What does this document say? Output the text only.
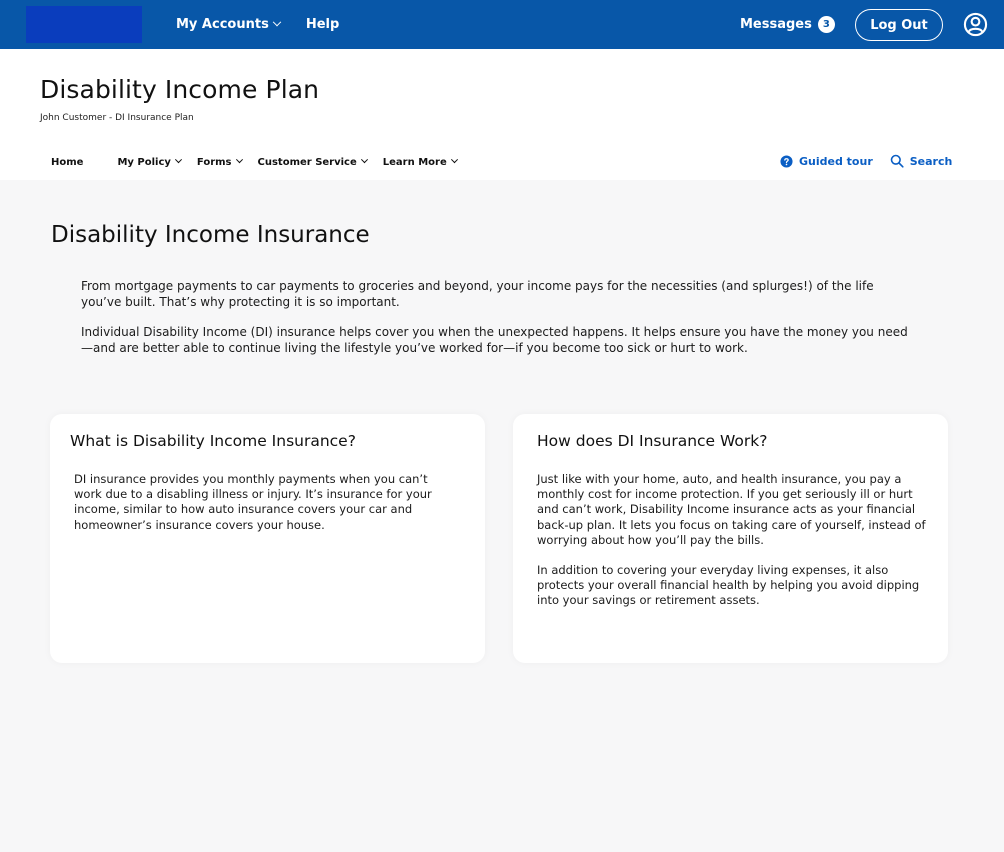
My Accounts	Help	Messages	3	Log Out
Disability Income Plan
John Customer - DI Insurance Plan
Home	My Policy	Forms	Customer Service	Learn More	Guided tour	Search
Disability Income Insurance

From mortgage payments to car payments to groceries and beyond, your income pays for the necessities (and splurges!) of the life you’ve built. That’s why protecting it is so important.

Individual Disability Income (DI) insurance helps cover you when the unexpected happens. It helps ensure you have the money you need—and are better able to continue living the lifestyle you’ve worked for—if you become too sick or hurt to work.

What is Disability Income Insurance?

DI insurance provides you monthly payments when you can’t work due to a disabling illness or injury. It’s insurance for your income, similar to how auto insurance covers your car and homeowner’s insurance covers your house.

How does DI Insurance Work?

Just like with your home, auto, and health insurance, you pay a monthly cost for income protection. If you get seriously ill or hurt and can’t work, Disability Income insurance acts as your financial back-up plan. It lets you focus on taking care of yourself, instead of worrying about how you’ll pay the bills.

In addition to covering your everyday living expenses, it also protects your overall financial health by helping you avoid dipping into your savings or retirement assets.
